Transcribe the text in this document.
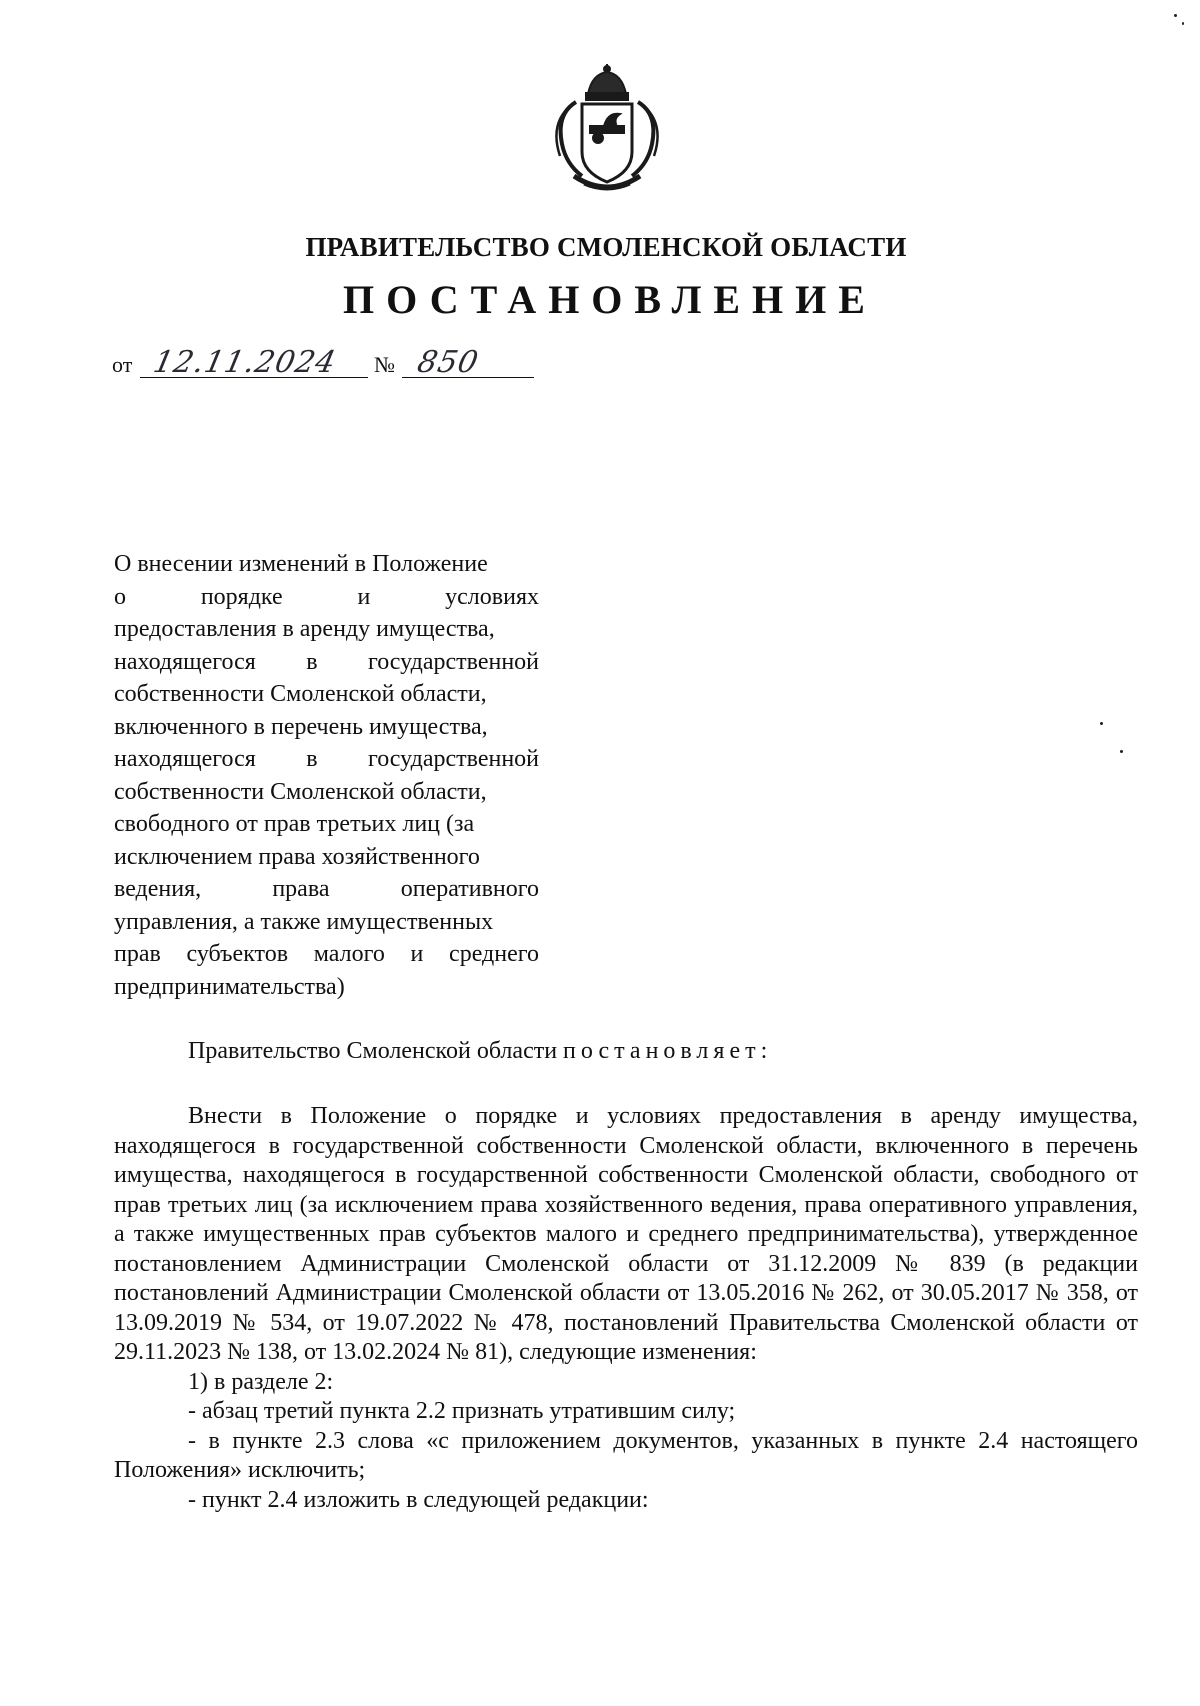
ПРАВИТЕЛЬСТВО СМОЛЕНСКОЙ ОБЛАСТИ
ПОСТАНОВЛЕНИЕ
от 12.11.2024 № 850
О внесении изменений в Положение
о порядке и условиях
предоставления в аренду имущества,
находящегося в государственной
собственности Смоленской области,
включенного в перечень имущества,
находящегося в государственной
собственности Смоленской области,
свободного от прав третьих лиц (за
исключением права хозяйственного
ведения, права оперативного
управления, а также имущественных
прав субъектов малого и среднего
предпринимательства)
Правительство Смоленской области постановляет:

Внести в Положение о порядке и условиях предоставления в аренду имущества, находящегося в государственной собственности Смоленской области, включенного в перечень имущества, находящегося в государственной собственности Смоленской области, свободного от прав третьих лиц (за исключением права хозяйственного ведения, права оперативного управления, а также имущественных прав субъектов малого и среднего предпринимательства), утвержденное постановлением Администрации Смоленской области от 31.12.2009 № 839 (в редакции постановлений Администрации Смоленской области от 13.05.2016 № 262, от 30.05.2017 № 358, от 13.09.2019 № 534, от 19.07.2022 № 478, постановлений Правительства Смоленской области от 29.11.2023 № 138, от 13.02.2024 № 81), следующие изменения:

1) в разделе 2:

- абзац третий пункта 2.2 признать утратившим силу;

- в пункте 2.3 слова «с приложением документов, указанных в пункте 2.4 настоящего Положения» исключить;

- пункт 2.4 изложить в следующей редакции:
